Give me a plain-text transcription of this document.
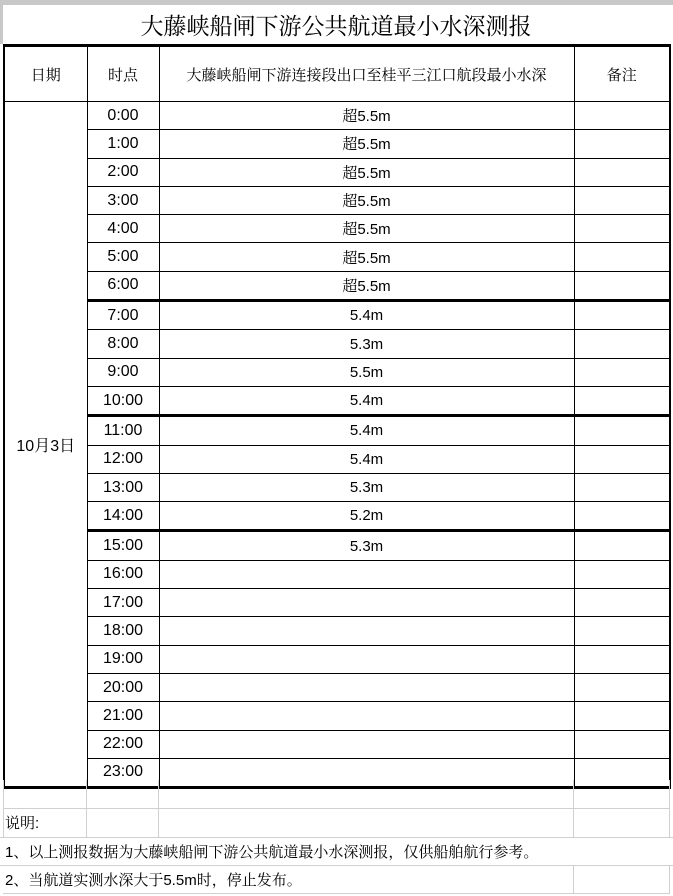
大藤峡船闸下游公共航道最小水深测报
日期	时点	大藤峡船闸下游连接段出口至桂平三江口航段最小水深	备注
10月3日	0:00	超5.5m	
	1:00	超5.5m	
	2:00	超5.5m	
	3:00	超5.5m	
	4:00	超5.5m	
	5:00	超5.5m	
	6:00	超5.5m	
	7:00	5.4m	
	8:00	5.3m	
	9:00	5.5m	
	10:00	5.4m	
	11:00	5.4m	
	12:00	5.4m	
	13:00	5.3m	
	14:00	5.2m	
	15:00	5.3m	
	16:00		
	17:00		
	18:00		
	19:00		
	20:00		
	21:00		
	22:00		
	23:00		
说明:
1、以上测报数据为大藤峡船闸下游公共航道最小水深测报，仅供船舶航行参考。
2、当航道实测水深大于5.5m时，停止发布。
